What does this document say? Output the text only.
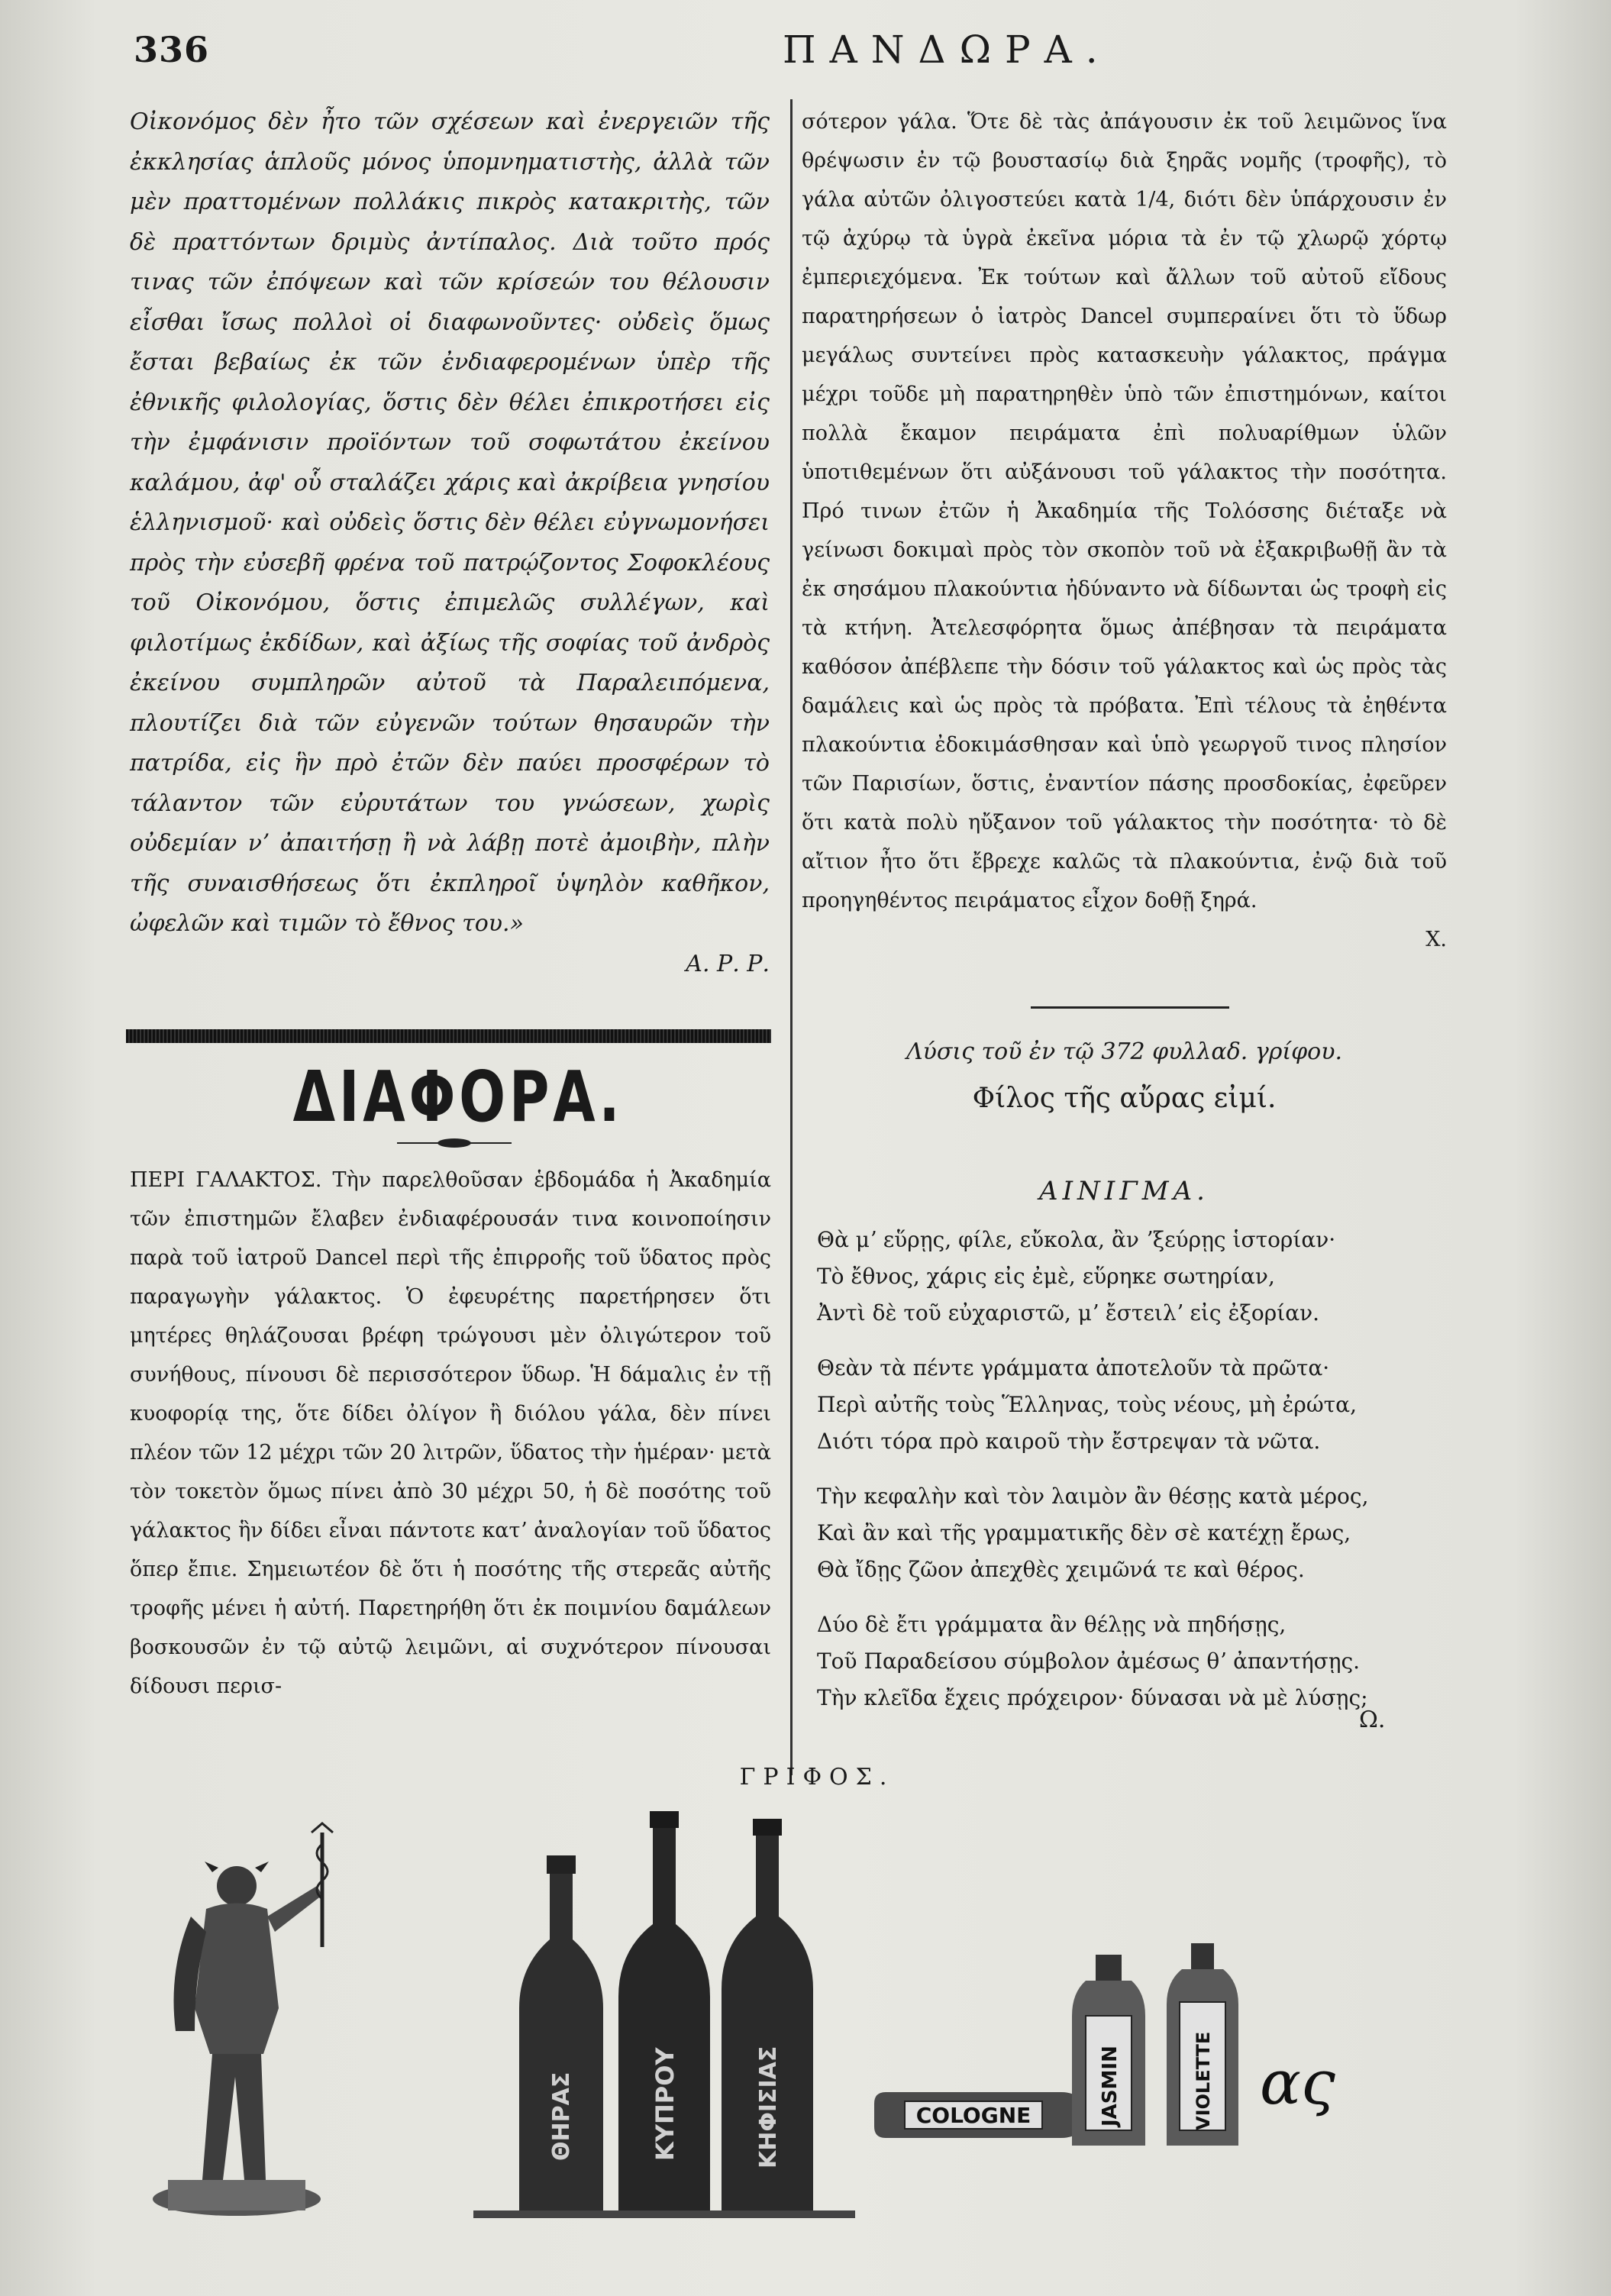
336	ΠΑΝΔΩΡΑ.

Οἰκονόμος δὲν ἦτο τῶν σχέσεων καὶ ἐνεργειῶν τῆς ἐκκλησίας ἁπλοῦς μόνος ὑπομνηματιστὴς, ἀλλὰ τῶν μὲν πραττομένων πολλάκις πικρὸς κατακριτὴς, τῶν δὲ πραττόντων δριμὺς ἀντίπαλος. Διὰ τοῦτο πρός τινας τῶν ἐπόψεων καὶ τῶν κρίσεών του θέλουσιν εἶσθαι ἴσως πολλοὶ οἱ διαφωνοῦντες· οὐδεὶς ὅμως ἔσται βεβαίως ἐκ τῶν ἐνδιαφερομένων ὑπὲρ τῆς ἐθνικῆς φιλολογίας, ὅστις δὲν θέλει ἐπικροτήσει εἰς τὴν ἐμφάνισιν προϊόντων τοῦ σοφωτάτου ἐκείνου καλάμου, ἀφ' οὗ σταλάζει χάρις καὶ ἀκρίβεια γνησίου ἑλληνισμοῦ· καὶ οὐδεὶς ὅστις δὲν θέλει εὐγνωμονήσει πρὸς τὴν εὐσεβῆ φρένα τοῦ πατρῴζοντος Σοφοκλέους τοῦ Οἰκονόμου, ὅστις ἐπιμελῶς συλλέγων, καὶ φιλοτίμως ἐκδίδων, καὶ ἀξίως τῆς σοφίας τοῦ ἀνδρὸς ἐκείνου συμπληρῶν αὐτοῦ τὰ Παραλειπόμενα, πλουτίζει διὰ τῶν εὐγενῶν τούτων θησαυρῶν τὴν πατρίδα, εἰς ἣν πρὸ ἐτῶν δὲν παύει προσφέρων τὸ τάλαντον τῶν εὐρυτάτων του γνώσεων, χωρὶς οὐδεμίαν νʼ ἀπαιτήσῃ ἢ νὰ λάβῃ ποτὲ ἀμοιβὴν, πλὴν τῆς συναισθήσεως ὅτι ἐκπληροῖ ὑψηλὸν καθῆκον, ὠφελῶν καὶ τιμῶν τὸ ἔθνος του.»

Α. Ρ. Ρ.

ΔΙΑΦΟΡΑ.

ΠΕΡΙ ΓΑΛΑΚΤΟΣ. Τὴν παρελθοῦσαν ἑβδομάδα ἡ Ἀκαδημία τῶν ἐπιστημῶν ἔλαβεν ἐνδιαφέρουσάν τινα κοινοποίησιν παρὰ τοῦ ἰατροῦ Dancel περὶ τῆς ἐπιρροῆς τοῦ ὕδατος πρὸς παραγωγὴν γάλακτος. Ὁ ἐφευρέτης παρετήρησεν ὅτι μητέρες θηλάζουσαι βρέφη τρώγουσι μὲν ὀλιγώτερον τοῦ συνήθους, πίνουσι δὲ περισσότερον ὕδωρ. Ἡ δάμαλις ἐν τῇ κυοφορίᾳ της, ὅτε δίδει ὀλίγον ἢ διόλου γάλα, δὲν πίνει πλέον τῶν 12 μέχρι τῶν 20 λιτρῶν, ὕδατος τὴν ἡμέραν· μετὰ τὸν τοκετὸν ὅμως πίνει ἀπὸ 30 μέχρι 50, ἡ δὲ ποσότης τοῦ γάλακτος ἣν δίδει εἶναι πάντοτε κατʼ ἀναλογίαν τοῦ ὕδατος ὅπερ ἔπιε. Σημειωτέον δὲ ὅτι ἡ ποσότης τῆς στερεᾶς αὐτῆς τροφῆς μένει ἡ αὐτή. Παρετηρήθη ὅτι ἐκ ποιμνίου δαμάλεων βοσκουσῶν ἐν τῷ αὐτῷ λειμῶνι, αἱ συχνότερον πίνουσαι δίδουσι περισ-

σότερον γάλα. Ὅτε δὲ τὰς ἀπάγουσιν ἐκ τοῦ λειμῶνος ἵνα θρέψωσιν ἐν τῷ βουστασίῳ διὰ ξηρᾶς νομῆς (τροφῆς), τὸ γάλα αὐτῶν ὀλιγοστεύει κατὰ 1/4, διότι δὲν ὑπάρχουσιν ἐν τῷ ἀχύρῳ τὰ ὑγρὰ ἐκεῖνα μόρια τὰ ἐν τῷ χλωρῷ χόρτῳ ἐμπεριεχόμενα. Ἐκ τούτων καὶ ἄλλων τοῦ αὐτοῦ εἴδους παρατηρήσεων ὁ ἰατρὸς Dancel συμπεραίνει ὅτι τὸ ὕδωρ μεγάλως συντείνει πρὸς κατασκευὴν γάλακτος, πράγμα μέχρι τοῦδε μὴ παρατηρηθὲν ὑπὸ τῶν ἐπιστημόνων, καίτοι πολλὰ ἔκαμον πειράματα ἐπὶ πολυαρίθμων ὑλῶν ὑποτιθεμένων ὅτι αὐξάνουσι τοῦ γάλακτος τὴν ποσότητα. Πρό τινων ἐτῶν ἡ Ἀκαδημία τῆς Τολόσσης διέταξε νὰ γείνωσι δοκιμαὶ πρὸς τὸν σκοπὸν τοῦ νὰ ἐξακριβωθῇ ἂν τὰ ἐκ σησάμου πλακούντια ἠδύναντο νὰ δίδωνται ὡς τροφὴ εἰς τὰ κτήνη. Ἀτελεσφόρητα ὅμως ἀπέβησαν τὰ πειράματα καθόσον ἀπέβλεπε τὴν δόσιν τοῦ γάλακτος καὶ ὡς πρὸς τὰς δαμάλεις καὶ ὡς πρὸς τὰ πρόβατα. Ἐπὶ τέλους τὰ ἐηθέντα πλακούντια ἐδοκιμάσθησαν καὶ ὑπὸ γεωργοῦ τινος πλησίον τῶν Παρισίων, ὅστις, ἐναντίον πάσης προσδοκίας, ἐφεῦρεν ὅτι κατὰ πολὺ ηὔξανον τοῦ γάλακτος τὴν ποσότητα· τὸ δὲ αἴτιον ἦτο ὅτι ἔβρεχε καλῶς τὰ πλακούντια, ἐνῷ διὰ τοῦ προηγηθέντος πειράματος εἶχον δοθῇ ξηρά.

Χ.

Λύσις τοῦ ἐν τῷ 372 φυλλαδ. γρίφου.
Φίλος τῆς αὔρας εἰμί.
ΑΙΝΙΓΜΑ.
Θὰ μʼ εὕρῃς, φίλε, εὔκολα, ἂν ʼξεύρῃς ἱστορίαν·
Τὸ ἔθνος, χάρις εἰς ἐμὲ, εὕρηκε σωτηρίαν,
Ἀντὶ δὲ τοῦ εὐχαριστῶ, μʼ ἔστειλʼ εἰς ἐξορίαν.
Θεὰν τὰ πέντε γράμματα ἀποτελοῦν τὰ πρῶτα·
Περὶ αὐτῆς τοὺς Ἕλληνας, τοὺς νέους, μὴ ἐρώτα,
Διότι τόρα πρὸ καιροῦ τὴν ἔστρεψαν τὰ νῶτα.
Τὴν κεφαλὴν καὶ τὸν λαιμὸν ἂν θέσῃς κατὰ μέρος,
Καὶ ἂν καὶ τῆς γραμματικῆς δὲν σὲ κατέχῃ ἔρως,
Θὰ ἴδῃς ζῶον ἀπεχθὲς χειμῶνά τε καὶ θέρος.
Δύο δὲ ἔτι γράμματα ἂν θέλῃς νὰ πηδήσῃς,
Τοῦ Παραδείσου σύμβολον ἀμέσως θʼ ἀπαντήσῃς.
Τὴν κλεῖδα ἔχεις πρόχειρον· δύνασαι νὰ μὲ λύσῃς;
Ω.
ΓΡΙΦΟΣ.
ΘΗΡΑΣ	ΚΥΠΡΟΥ	ΚΗΦΙΣΙΑΣ	COLOGNE	JASMIN	VIOLETTE ας
